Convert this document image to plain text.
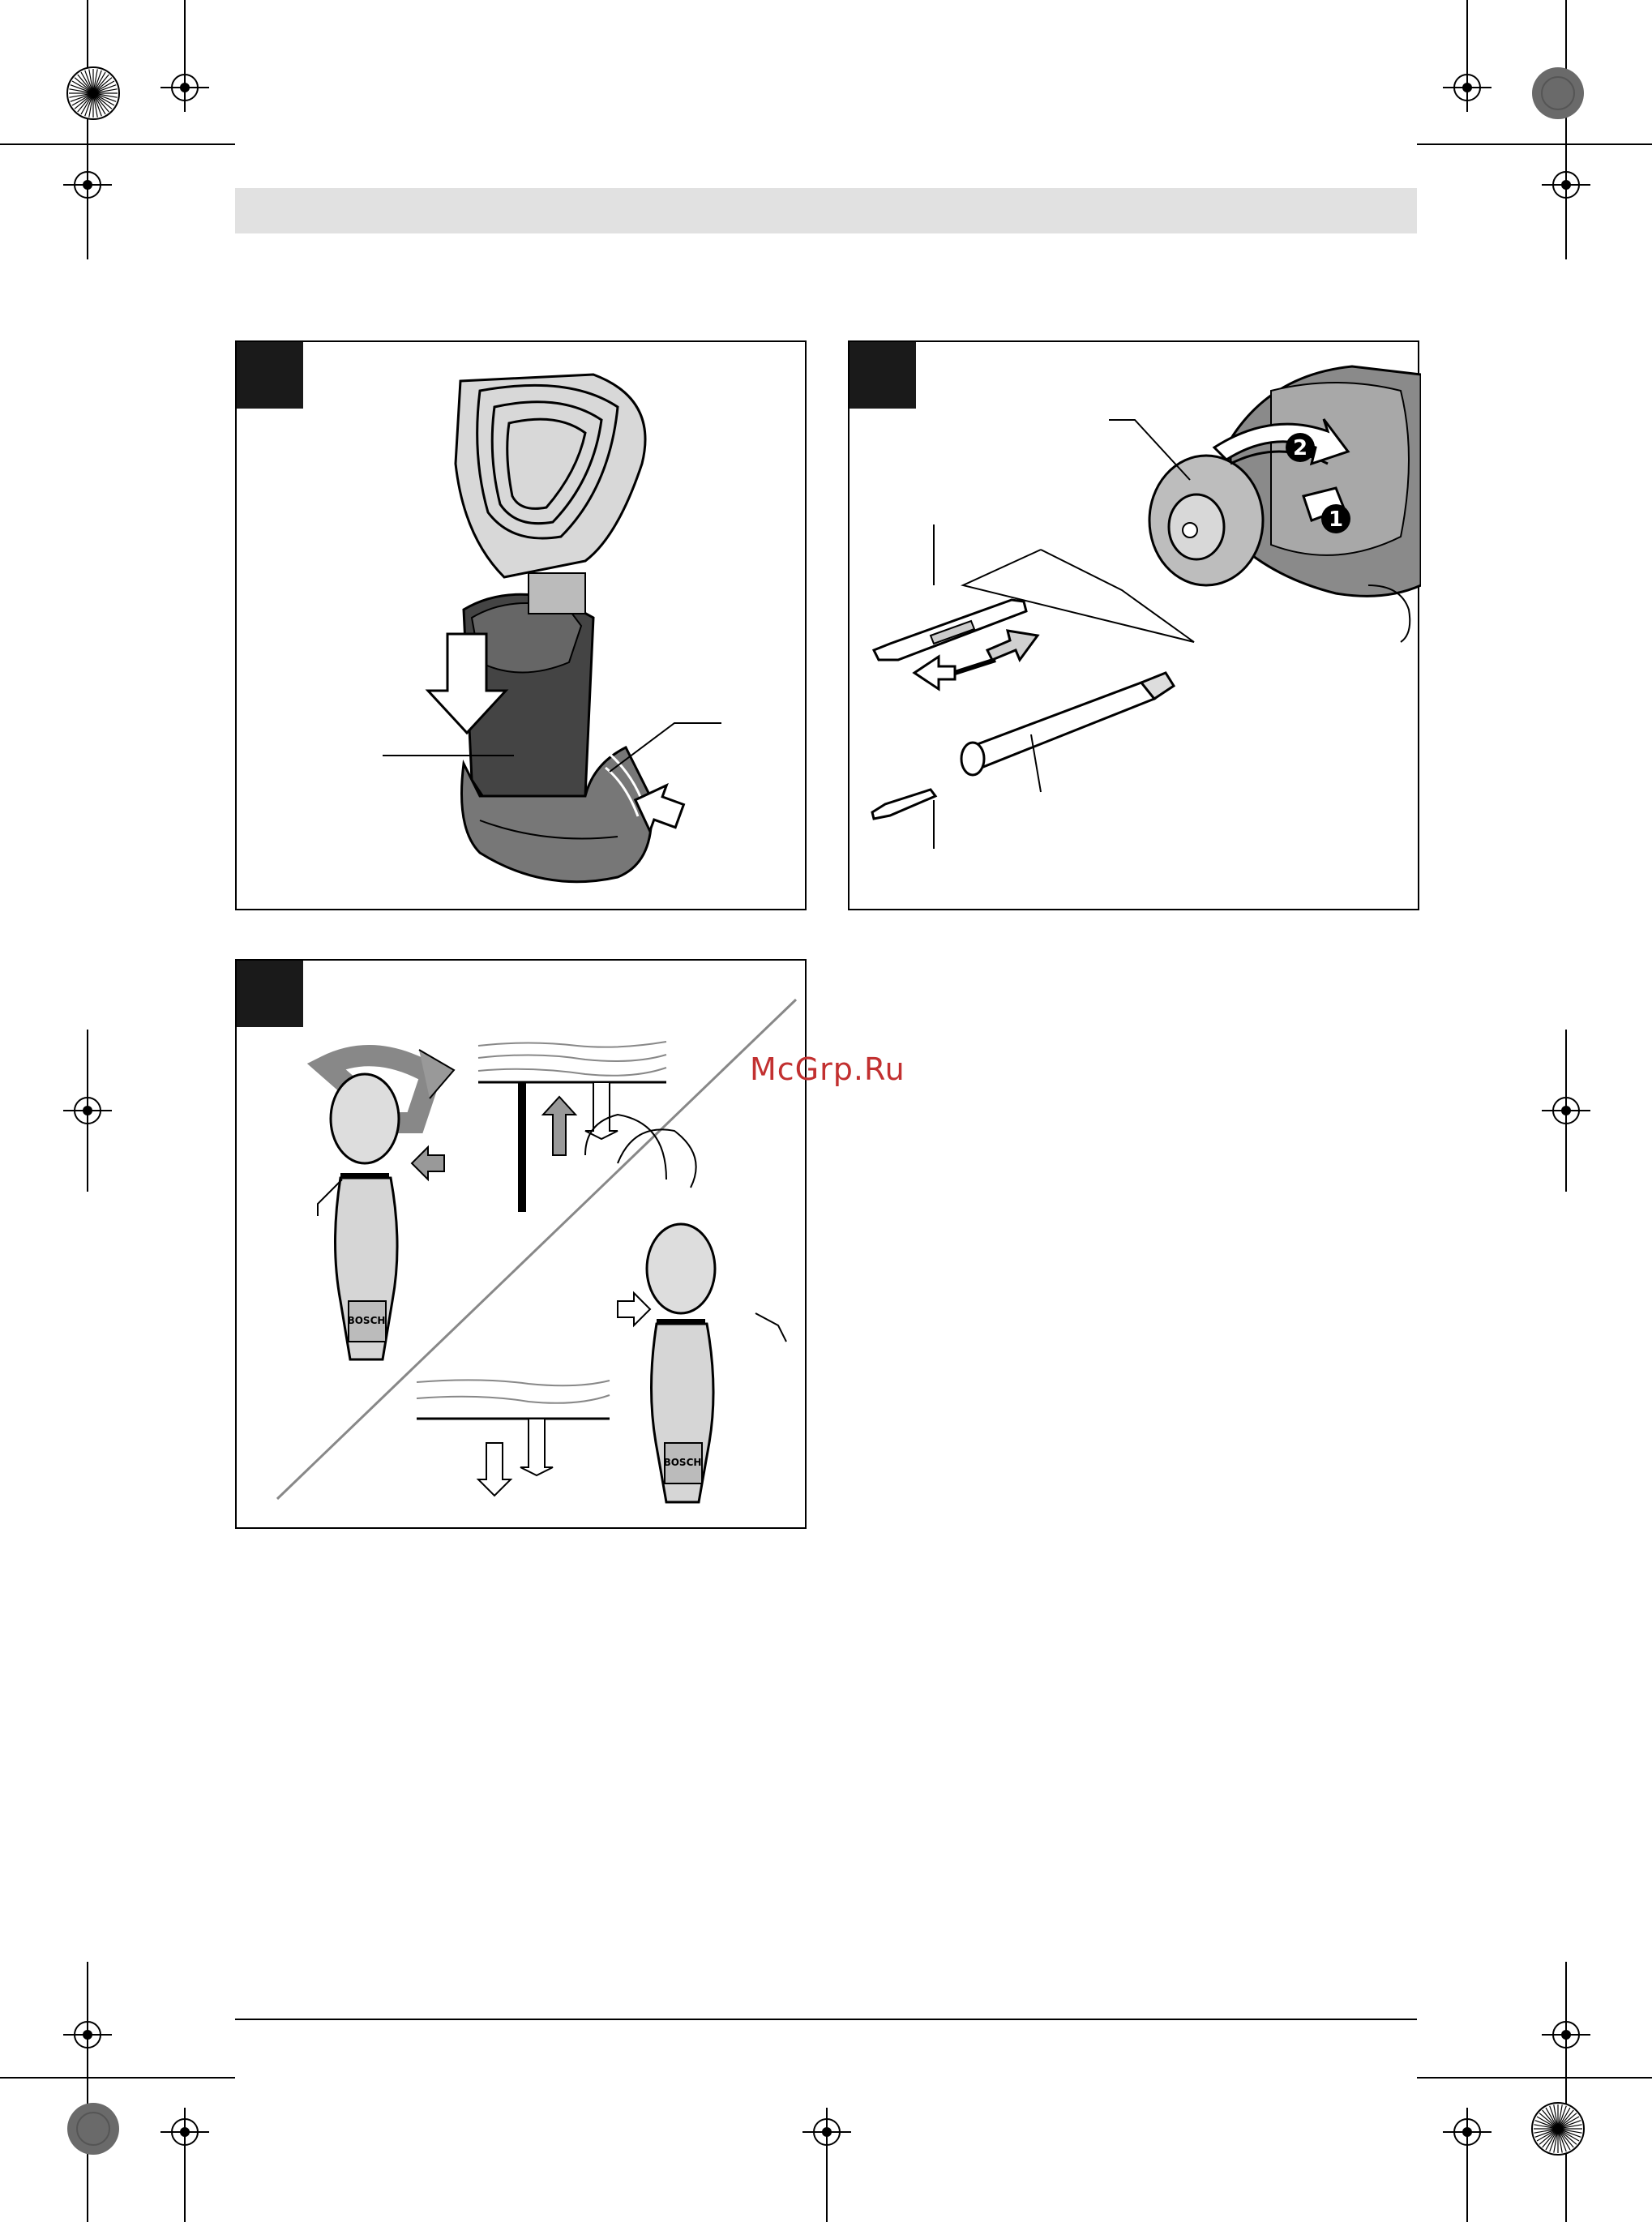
2
1
BOSCH
BOSCH
McGrp.Ru
